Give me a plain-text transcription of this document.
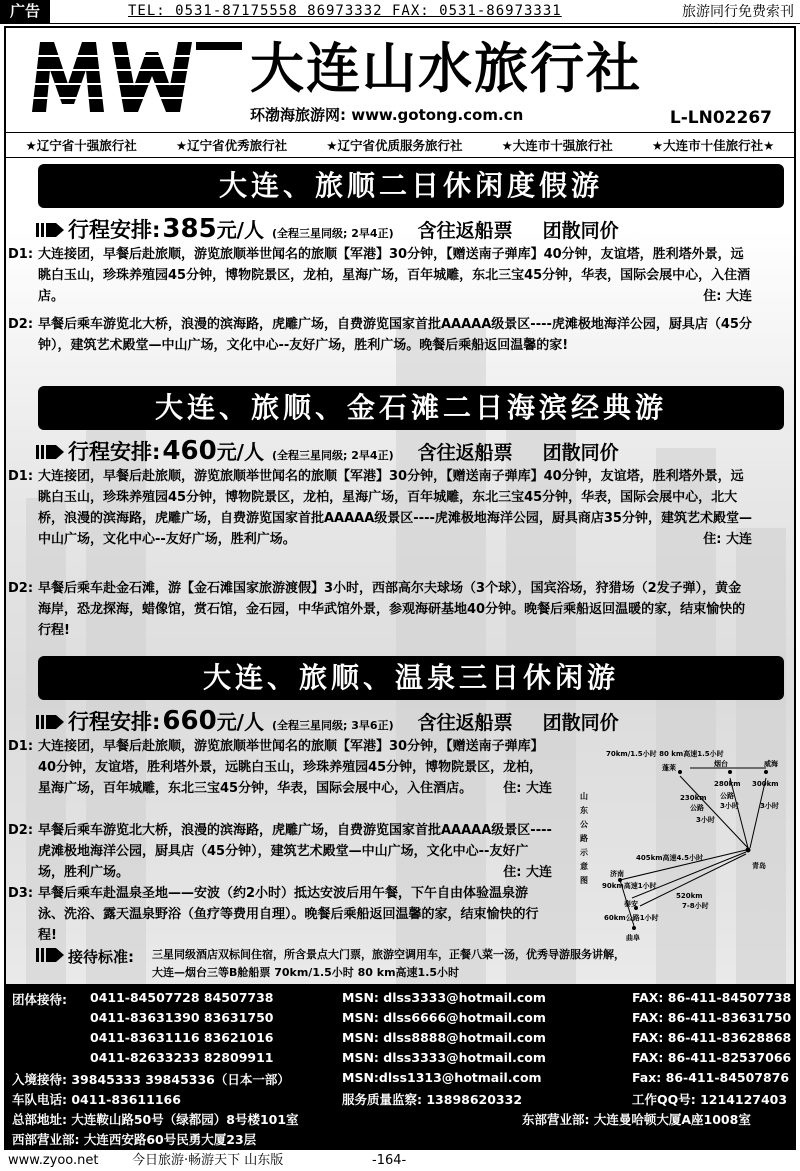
广告	TEL: 0531-87175558 86973332 FAX: 0531-86973331	旅游同行免费索刊
大连山水旅行社
环渤海旅游网: www.gotong.com.cn	L-LN02267
★辽宁省十强旅行社	★辽宁省优秀旅行社	★辽宁省优质服务旅行社	★大连市十强旅行社	★大连市十佳旅行社★
大连、旅顺二日休闲度假游
行程安排: 385 元/人 (全程三星同级; 2早4正) 含往返船票 团散同价
D1: 大连接团，早餐后赴旅顺，游览旅顺举世闻名的旅顺【军港】30分钟，【赠送南子弹库】40分钟，友谊塔，胜利塔外景，远眺白玉山，珍珠养殖园45分钟，博物院景区，龙柏，星海广场，百年城雕，东北三宝45分钟，华表，国际会展中心，入住酒店。	住: 大连
D2: 早餐后乘车游览北大桥，浪漫的滨海路，虎雕广场，自费游览国家首批AAAAA级景区----虎滩极地海洋公园，厨具店（45分钟），建筑艺术殿堂—中山广场，文化中心--友好广场，胜利广场。晚餐后乘船返回温馨的家!
大连、旅顺、金石滩二日海滨经典游
行程安排: 460 元/人 (全程三星同级; 2早4正) 含往返船票 团散同价
D1: 大连接团，早餐后赴旅顺，游览旅顺举世闻名的旅顺【军港】30分钟，【赠送南子弹库】40分钟，友谊塔，胜利塔外景，远眺白玉山，珍珠养殖园45分钟，博物院景区，龙柏，星海广场，百年城雕，东北三宝45分钟，华表，国际会展中心，北大桥，浪漫的滨海路，虎雕广场，自费游览国家首批AAAAA级景区----虎滩极地海洋公园，厨具商店35分钟，建筑艺术殿堂—中山广场，文化中心--友好广场，胜利广场。	住: 大连
D2: 早餐后乘车赴金石滩，游【金石滩国家旅游渡假】3小时，西部高尔夫球场（3个球），国宾浴场，狩猎场（2发子弹），黄金海岸，恐龙探海，蜡像馆，赏石馆，金石园，中华武馆外景，参观海研基地40分钟。晚餐后乘船返回温暖的家，结束愉快的行程!
大连、旅顺、温泉三日休闲游
行程安排: 660 元/人 (全程三星同级; 3早6正) 含往返船票 团散同价
D1: 大连接团，早餐后赴旅顺，游览旅顺举世闻名的旅顺【军港】30分钟，【赠送南子弹库】40分钟，友谊塔，胜利塔外景，远眺白玉山，珍珠养殖园45分钟，博物院景区，龙柏，星海广场，百年城雕，东北三宝45分钟，华表，国际会展中心，入住酒店。	住: 大连
D2: 早餐后乘车游览北大桥，浪漫的滨海路，虎雕广场，自费游览国家首批AAAAA级景区----虎滩极地海洋公园，厨具店（45分钟），建筑艺术殿堂—中山广场，文化中心--友好广场，胜利广场。	住: 大连
D3: 早餐后乘车赴温泉圣地——安波（约2小时）抵达安波后用午餐，下午自由体验温泉游泳、洗浴、露天温泉野浴（鱼疗等费用自理）。晚餐后乘船返回温馨的家，结束愉快的行程!
山东公路示意图
70km/1.5小时 80 km高速1.5小时
蓬莱	烟台	威海
280km 300km
230km
公路
公路
3小时	3小时
3小时
青岛
405km高速4.5小时
济南
90km高速1小时
泰安
520km
7-8小时
60km公路1小时
曲阜
接待标准: 三星同级酒店双标间住宿，所含景点大门票，旅游空调用车，正餐八菜一汤，优秀导游服务讲解，大连—烟台三等B舱船票 70km/1.5小时 80 km高速1.5小时
团体接待: 0411-84507728 84507738	MSN: dlss3333@hotmail.com	FAX: 86-411-84507738
0411-83631390 83631750	MSN: dlss6666@hotmail.com	FAX: 86-411-83631750
0411-83631116 83621016	MSN: dlss8888@hotmail.com	FAX: 86-411-83628868
0411-82633233 82809911	MSN: dlss3333@hotmail.com	FAX: 86-411-82537066
入境接待: 39845333 39845336（日本一部）	MSN:dlss1313@hotmail.com	Fax: 86-411-84507876
车队电话: 0411-83611166	服务质量监察: 13898620332	工作QQ号: 1214127403
总部地址: 大连鞍山路50号（绿都园）8号楼101室	东部营业部: 大连曼哈顿大厦A座1008室
西部营业部: 大连西安路60号民勇大厦23层
www.zyoo.net	今日旅游·畅游天下 山东版	-164-
